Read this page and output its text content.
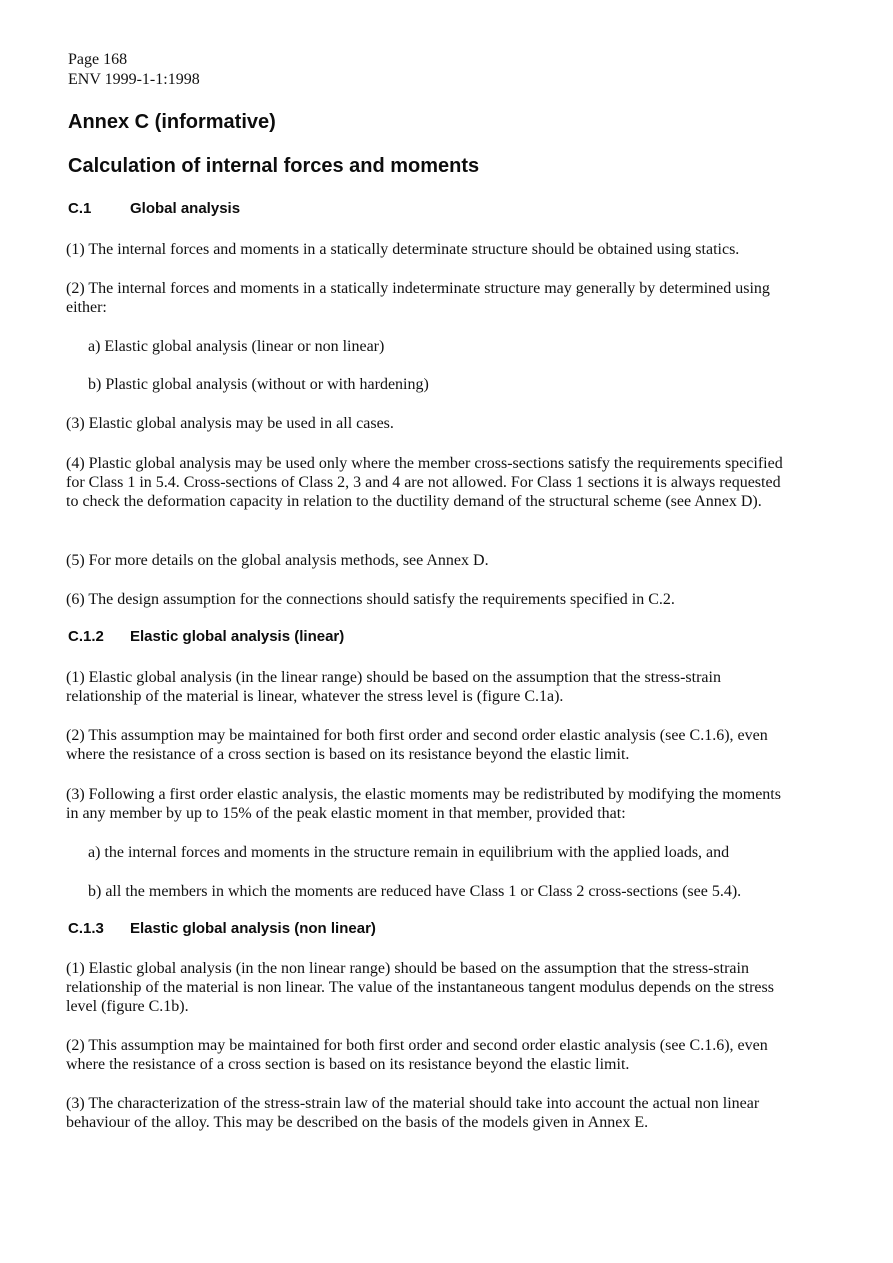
Page 168
ENV 1999-1-1:1998
Annex C (informative)
Calculation of internal forces and moments
C.1	Global analysis
(1) The internal forces and moments in a statically determinate structure should be obtained using statics.
(2) The internal forces and moments in a statically indeterminate structure may generally by determined using either:
a) Elastic global analysis (linear or non linear)
b) Plastic global analysis (without or with hardening)
(3) Elastic global analysis may be used in all cases.
(4) Plastic global analysis may be used only where the member cross-sections satisfy the requirements specified for Class 1 in 5.4. Cross-sections of Class 2, 3 and 4 are not allowed. For Class 1 sections it is always requested to check the deformation capacity in relation to the ductility demand of the structural scheme (see Annex D).
(5) For more details on the global analysis methods, see Annex D.
(6) The design assumption for the connections should satisfy the requirements specified in C.2.
C.1.2 Elastic global analysis (linear)
(1) Elastic global analysis (in the linear range) should be based on the assumption that the stress-strain relationship of the material is linear, whatever the stress level is (figure C.1a).
(2) This assumption may be maintained for both first order and second order elastic analysis (see C.1.6), even where the resistance of a cross section is based on its resistance beyond the elastic limit.
(3) Following a first order elastic analysis, the elastic moments may be redistributed by modifying the moments in any member by up to 15% of the peak elastic moment in that member, provided that:
a) the internal forces and moments in the structure remain in equilibrium with the applied loads, and
b) all the members in which the moments are reduced have Class 1 or Class 2 cross-sections (see 5.4).
C.1.3 Elastic global analysis (non linear)
(1) Elastic global analysis (in the non linear range) should be based on the assumption that the stress-strain relationship of the material is non linear. The value of the instantaneous tangent modulus depends on the stress level (figure C.1b).
(2) This assumption may be maintained for both first order and second order elastic analysis (see C.1.6), even where the resistance of a cross section is based on its resistance beyond the elastic limit.
(3) The characterization of the stress-strain law of the material should take into account the actual non linear behaviour of the alloy. This may be described on the basis of the models given in Annex E.
